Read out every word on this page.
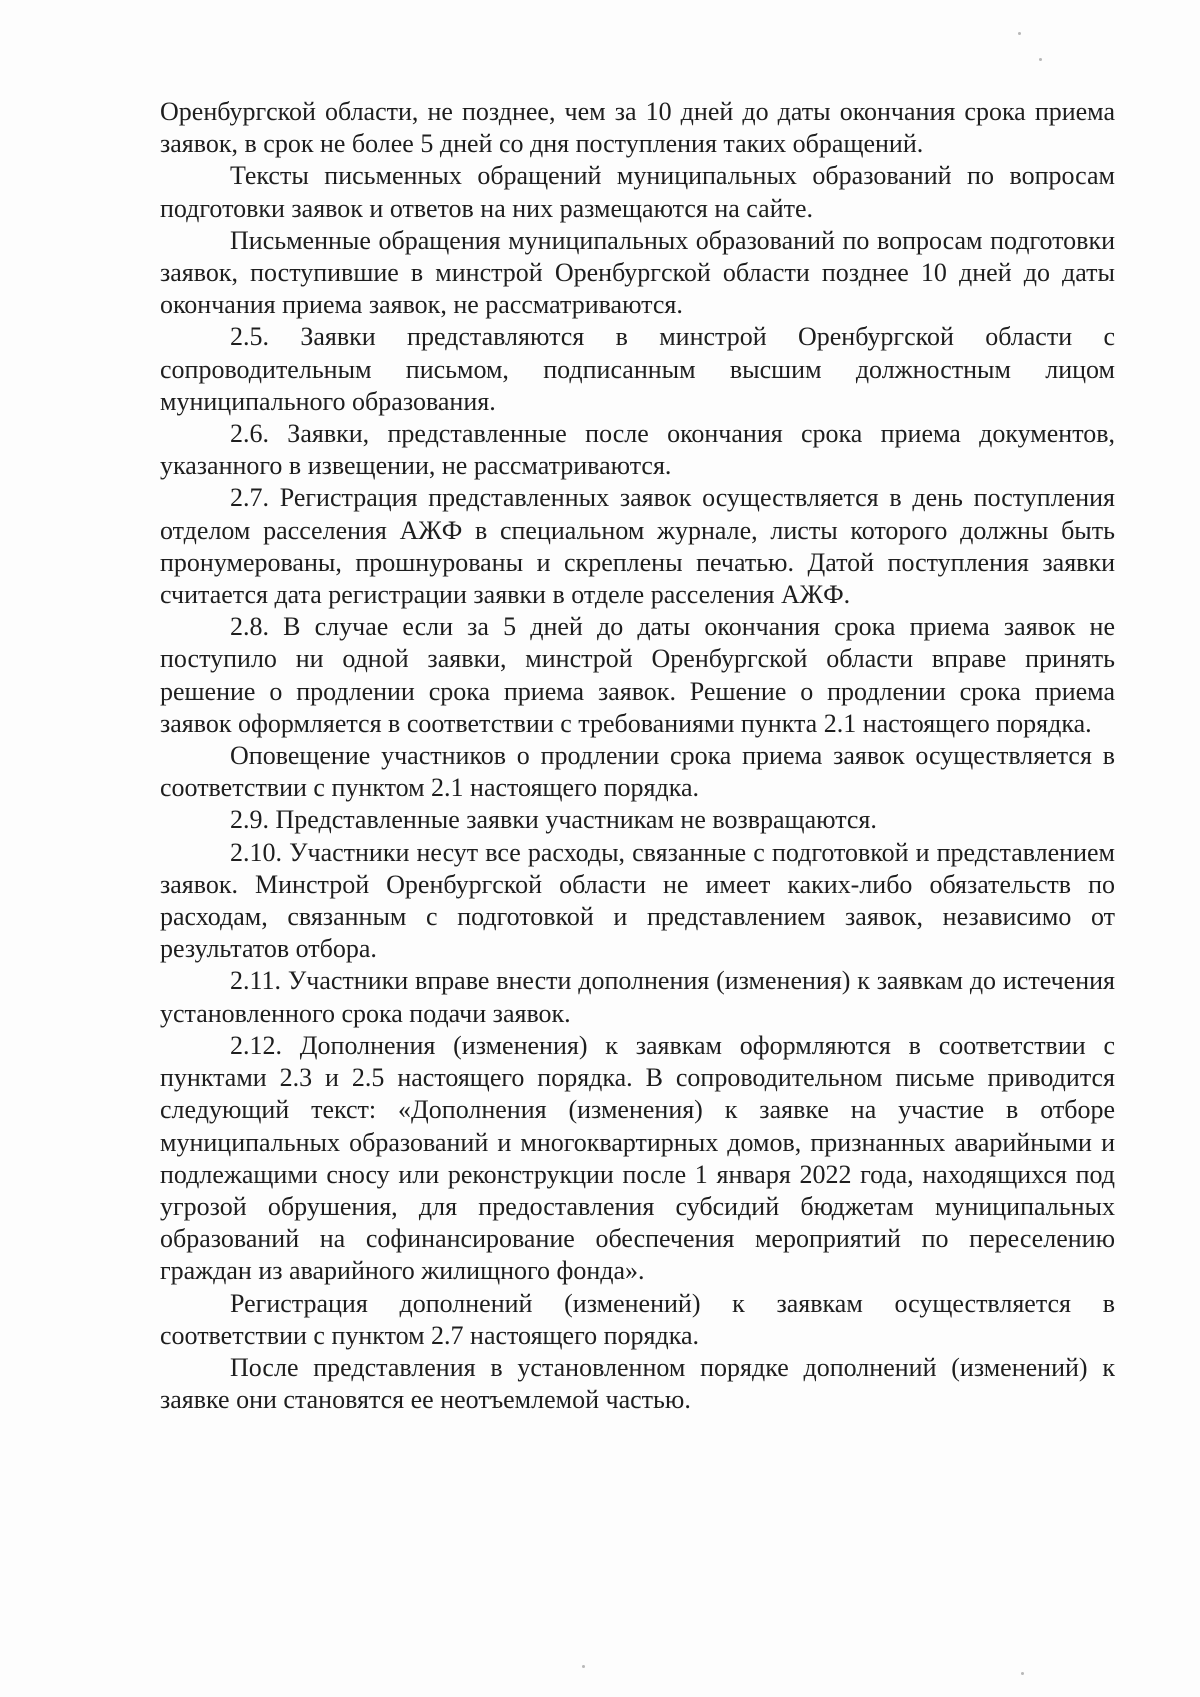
Оренбургской области, не позднее, чем за 10 дней до даты окончания срока приема заявок, в срок не более 5 дней со дня поступления таких обращений.

Тексты письменных обращений муниципальных образований по вопросам подготовки заявок и ответов на них размещаются на сайте.

Письменные обращения муниципальных образований по вопросам подготовки заявок, поступившие в минстрой Оренбургской области позднее 10 дней до даты окончания приема заявок, не рассматриваются.

2.5. Заявки представляются в минстрой Оренбургской области с сопроводительным письмом, подписанным высшим должностным лицом муниципального образования.

2.6. Заявки, представленные после окончания срока приема документов, указанного в извещении, не рассматриваются.

2.7. Регистрация представленных заявок осуществляется в день поступления отделом расселения АЖФ в специальном журнале, листы которого должны быть пронумерованы, прошнурованы и скреплены печатью. Датой поступления заявки считается дата регистрации заявки в отделе расселения АЖФ.

2.8. В случае если за 5 дней до даты окончания срока приема заявок не поступило ни одной заявки, минстрой Оренбургской области вправе принять решение о продлении срока приема заявок. Решение о продлении срока приема заявок оформляется в соответствии с требованиями пункта 2.1 настоящего порядка.

Оповещение участников о продлении срока приема заявок осуществляется в соответствии с пунктом 2.1 настоящего порядка.

2.9. Представленные заявки участникам не возвращаются.

2.10. Участники несут все расходы, связанные с подготовкой и представлением заявок. Минстрой Оренбургской области не имеет каких-либо обязательств по расходам, связанным с подготовкой и представлением заявок, независимо от результатов отбора.

2.11. Участники вправе внести дополнения (изменения) к заявкам до истечения установленного срока подачи заявок.

2.12. Дополнения (изменения) к заявкам оформляются в соответствии с пунктами 2.3 и 2.5 настоящего порядка. В сопроводительном письме приводится следующий текст: «Дополнения (изменения) к заявке на участие в отборе муниципальных образований и многоквартирных домов, признанных аварийными и подлежащими сносу или реконструкции после 1 января 2022 года, находящихся под угрозой обрушения, для предоставления субсидий бюджетам муниципальных образований на софинансирование обеспечения мероприятий по переселению граждан из аварийного жилищного фонда».

Регистрация дополнений (изменений) к заявкам осуществляется в соответствии с пунктом 2.7 настоящего порядка.

После представления в установленном порядке дополнений (изменений) к заявке они становятся ее неотъемлемой частью.
